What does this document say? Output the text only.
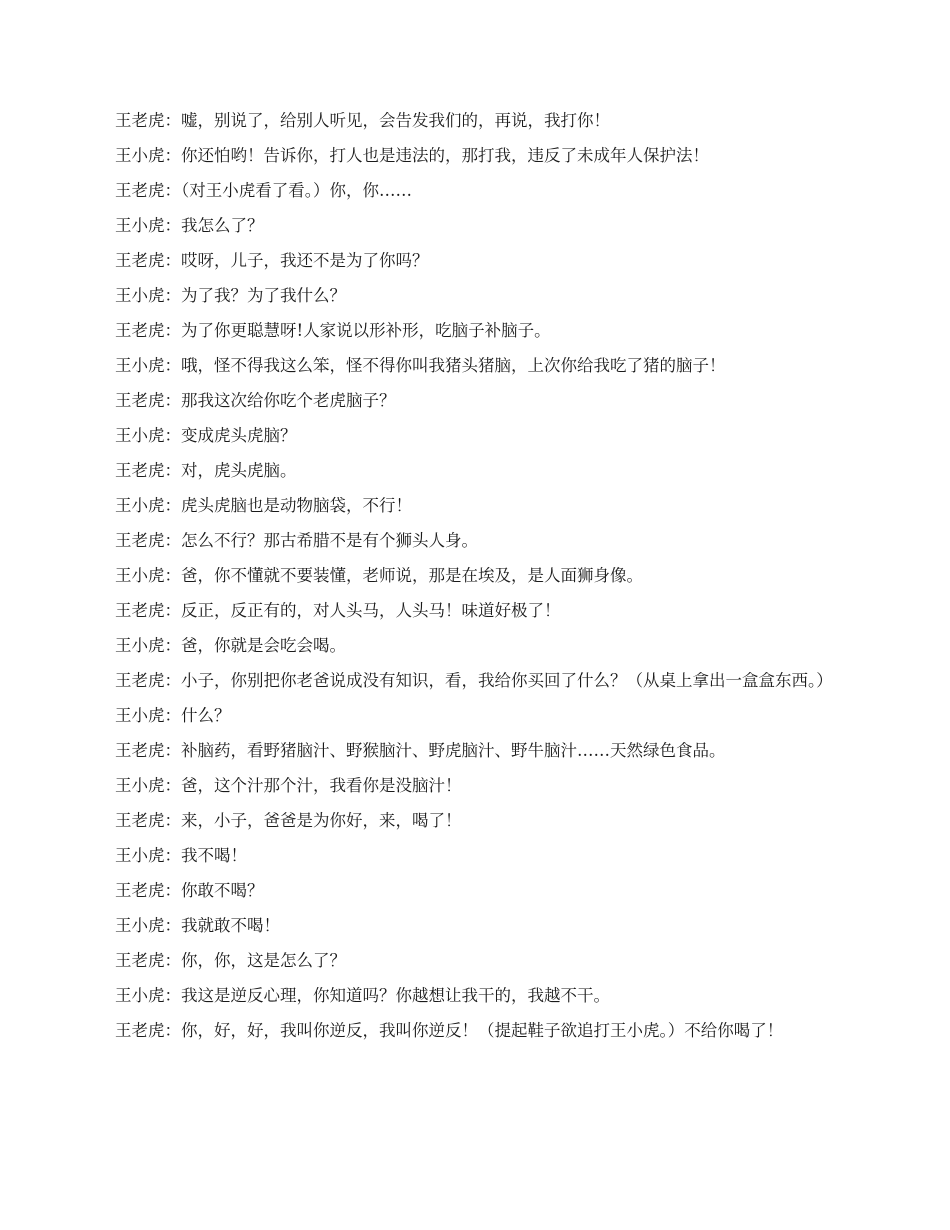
王老虎：嘘，别说了，给别人听见，会告发我们的，再说，我打你！

王小虎：你还怕哟！告诉你，打人也是违法的，那打我，违反了未成年人保护法！

王老虎：（对王小虎看了看。）你，你……

王小虎：我怎么了？

王老虎：哎呀，儿子，我还不是为了你吗？

王小虎：为了我？为了我什么？

王老虎：为了你更聪慧呀!人家说以形补形，吃脑子补脑子。

王小虎：哦，怪不得我这么笨，怪不得你叫我猪头猪脑，上次你给我吃了猪的脑子！

王老虎：那我这次给你吃个老虎脑子？

王小虎：变成虎头虎脑？

王老虎：对，虎头虎脑。

王小虎：虎头虎脑也是动物脑袋，不行！

王老虎：怎么不行？那古希腊不是有个狮头人身。

王小虎：爸，你不懂就不要装懂，老师说，那是在埃及，是人面狮身像。

王老虎：反正，反正有的，对人头马，人头马！味道好极了！

王小虎：爸，你就是会吃会喝。

王老虎：小子，你别把你老爸说成没有知识，看，我给你买回了什么？（从桌上拿出一盒盒东西。）

王小虎：什么？

王老虎：补脑药，看野猪脑汁、野猴脑汁、野虎脑汁、野牛脑汁……天然绿色食品。

王小虎：爸，这个汁那个汁，我看你是没脑汁！

王老虎：来，小子，爸爸是为你好，来，喝了！

王小虎：我不喝！

王老虎：你敢不喝？

王小虎：我就敢不喝！

王老虎：你，你，这是怎么了？

王小虎：我这是逆反心理，你知道吗？你越想让我干的，我越不干。

王老虎：你，好，好，我叫你逆反，我叫你逆反！（提起鞋子欲追打王小虎。）不给你喝了！
